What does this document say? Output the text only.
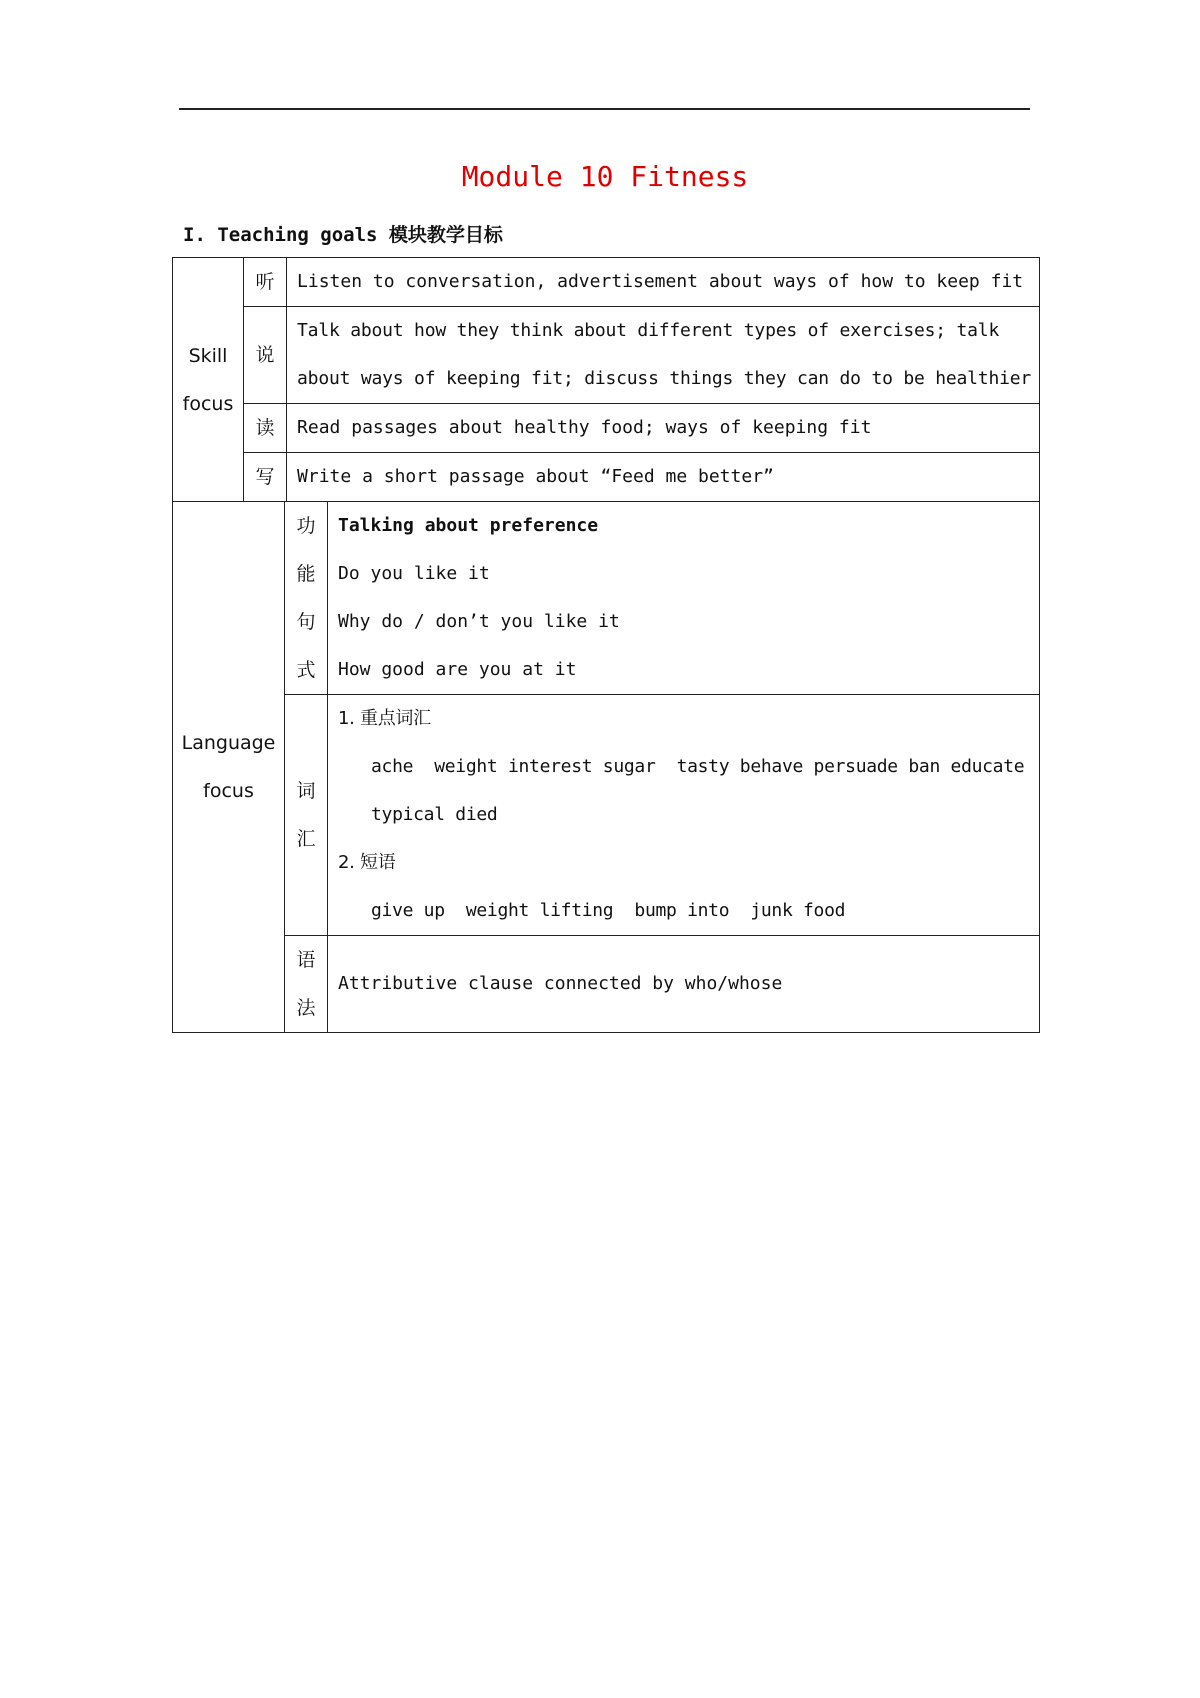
Module 10 Fitness
I. Teaching goals 模块教学目标
Skill
focus
听 Listen to conversation, advertisement about ways of how to keep fit
说
Talk about how they think about different types of exercises; talk
about ways of keeping fit; discuss things they can do to be healthier
读 Read passages about healthy food; ways of keeping fit
写 Write a short passage about “Feed me better”
Language
focus
功
能
句
式
Talking about preference
Do you like it
Why do / don’t you like it
How good are you at it
词
汇
1. 重点词汇
ache  weight interest sugar  tasty behave persuade ban educate
typical died
2. 短语
give up  weight lifting  bump into  junk food
语
法
Attributive clause connected by who/whose
